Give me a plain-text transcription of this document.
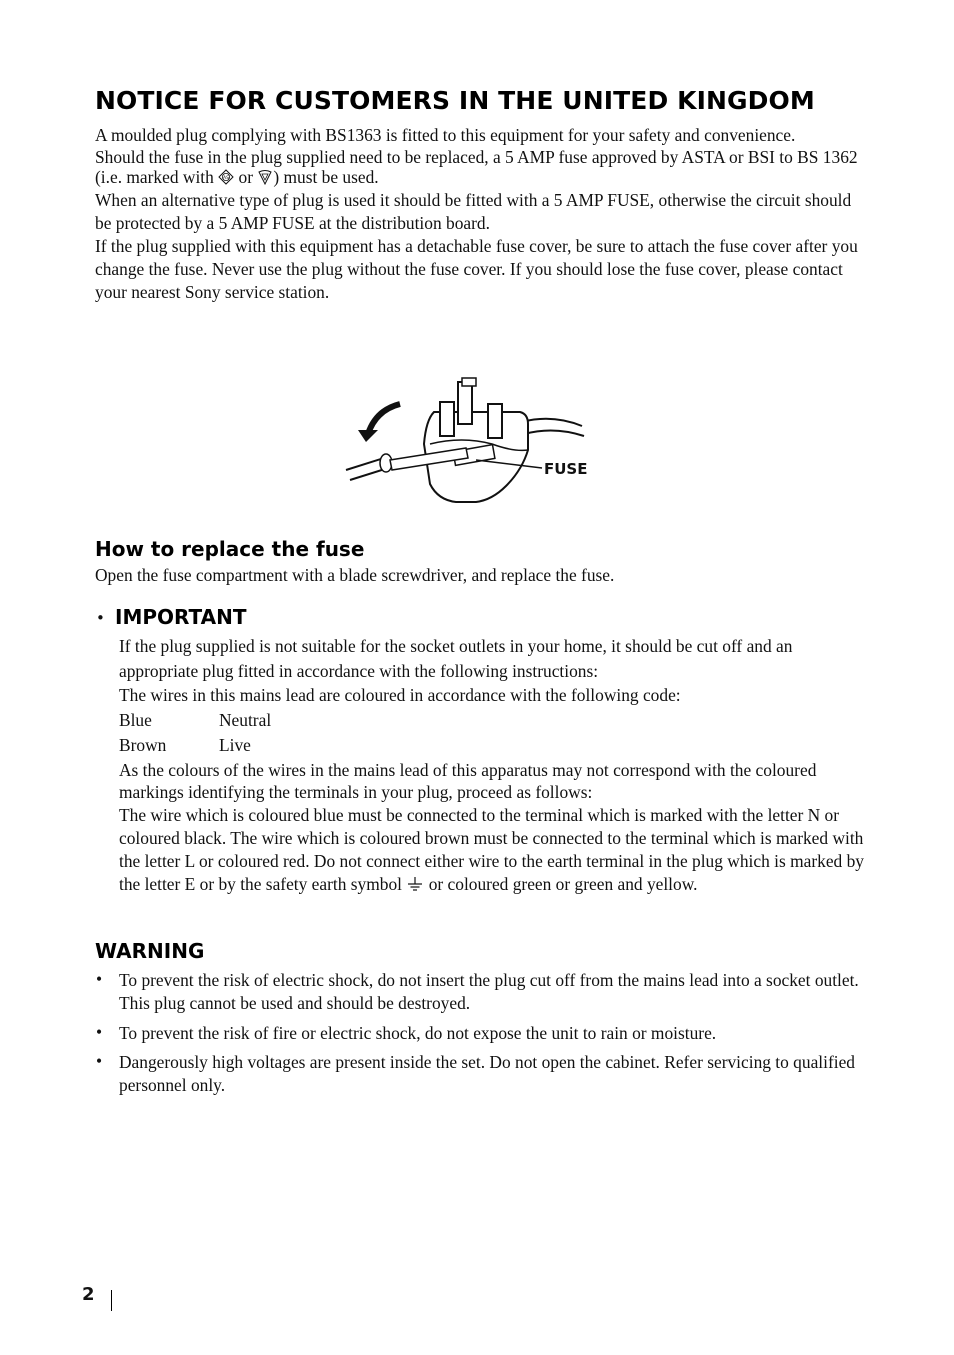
NOTICE FOR CUSTOMERS IN THE UNITED KINGDOM

A moulded plug complying with BS1363 is fitted to this equipment for your safety and convenience.

Should the fuse in the plug supplied need to be replaced, a 5 AMP fuse approved by ASTA or BSI to BS 1362 (i.e. marked with AS or ) must be used.

When an alternative type of plug is used it should be fitted with a 5 AMP FUSE, otherwise the circuit should be protected by a 5 AMP FUSE at the distribution board.

If the plug supplied with this equipment has a detachable fuse cover, be sure to attach the fuse cover after you change the fuse. Never use the plug without the fuse cover. If you should lose the fuse cover, please contact your nearest Sony service station.

FUSE
How to replace the fuse
Open the fuse compartment with a blade screwdriver, and replace the fuse.
• IMPORTANT

If the plug supplied is not suitable for the socket outlets in your home, it should be cut off and an appropriate plug fitted in accordance with the following instructions:

The wires in this mains lead are coloured in accordance with the following code:

Blue	Neutral
Brown	Live

As the colours of the wires in the mains lead of this apparatus may not correspond with the coloured markings identifying the terminals in your plug, proceed as follows:

The wire which is coloured blue must be connected to the terminal which is marked with the letter N or coloured black. The wire which is coloured brown must be connected to the terminal which is marked with the letter L or coloured red. Do not connect either wire to the earth terminal in the plug which is marked by the letter E or by the safety earth symbol  or coloured green or green and yellow.

WARNING
• To prevent the risk of electric shock, do not insert the plug cut off from the mains lead into a socket outlet. This plug cannot be used and should be destroyed.
• To prevent the risk of fire or electric shock, do not expose the unit to rain or moisture.
• Dangerously high voltages are present inside the set. Do not open the cabinet. Refer servicing to qualified personnel only.
2
